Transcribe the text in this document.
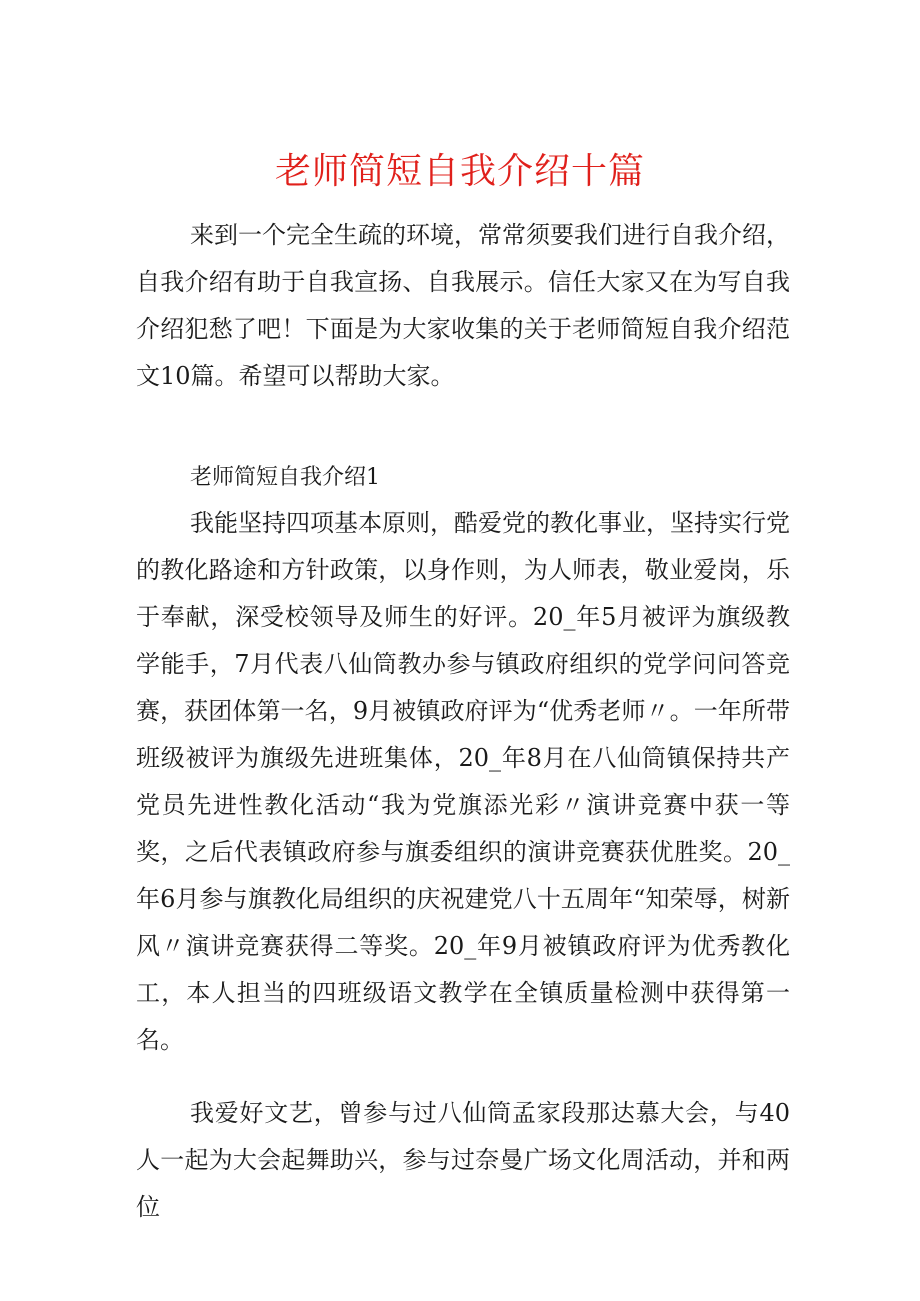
老师简短自我介绍十篇

来到一个完全生疏的环境，常常须要我们进行自我介绍，自我介绍有助于自我宣扬、自我展示。信任大家又在为写自我介绍犯愁了吧！下面是为大家收集的关于老师简短自我介绍范文10篇。希望可以帮助大家。

老师简短自我介绍1

我能坚持四项基本原则，酷爱党的教化事业，坚持实行党的教化路途和方针政策，以身作则，为人师表，敬业爱岗，乐于奉献，深受校领导及师生的好评。20_年5月被评为旗级教学能手，7月代表八仙筒教办参与镇政府组织的党学问问答竞赛，获团体第一名，9月被镇政府评为“优秀老师〃。一年所带班级被评为旗级先进班集体，20_年8月在八仙筒镇保持共产党员先进性教化活动“我为党旗添光彩〃演讲竞赛中获一等奖，之后代表镇政府参与旗委组织的演讲竞赛获优胜奖。20_年6月参与旗教化局组织的庆祝建党八十五周年“知荣辱，树新风〃演讲竞赛获得二等奖。20_年9月被镇政府评为优秀教化工，本人担当的四班级语文教学在全镇质量检测中获得第一名。

我爱好文艺，曾参与过八仙筒孟家段那达慕大会，与40人一起为大会起舞助兴，参与过奈曼广场文化周活动，并和两位
